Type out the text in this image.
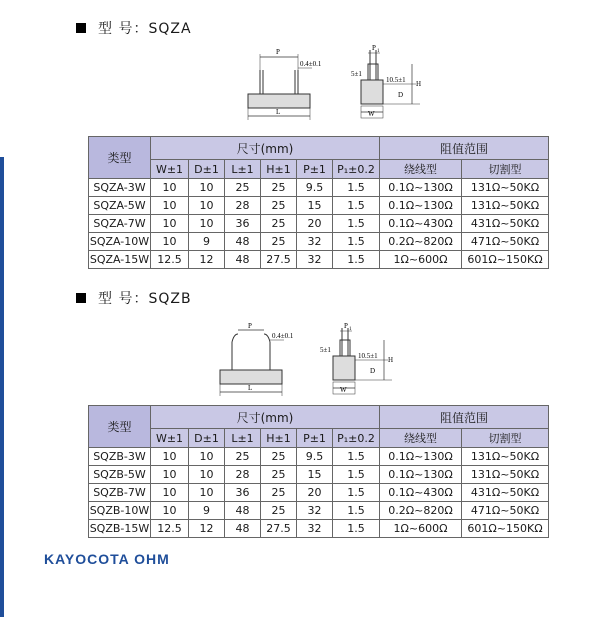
型 号：SQZA
P
0.4±0.1
L
P 1
5±1
10.5±1 H
D
W
类型	尺寸(mm)						阻值范围	
	W±1	D±1	L±1	H±1	P±1	P₁±0.2	绕线型	切割型
SQZA-3W	10	10	25	25	9.5	1.5	0.1Ω~130Ω	131Ω~50KΩ
SQZA-5W	10	10	28	25	15	1.5	0.1Ω~130Ω	131Ω~50KΩ
SQZA-7W	10	10	36	25	20	1.5	0.1Ω~430Ω	431Ω~50KΩ
SQZA-10W	10	9	48	25	32	1.5	0.2Ω~820Ω	471Ω~50KΩ
SQZA-15W	12.5	12	48	27.5	32	1.5	1Ω~600Ω	601Ω~150KΩ
型 号：SQZB
P
0.4±0.1
L
P 1
5±1
10.5±1 H
D
W
类型	尺寸(mm)						阻值范围	
	W±1	D±1	L±1	H±1	P±1	P₁±0.2	绕线型	切割型
SQZB-3W	10	10	25	25	9.5	1.5	0.1Ω~130Ω	131Ω~50KΩ
SQZB-5W	10	10	28	25	15	1.5	0.1Ω~130Ω	131Ω~50KΩ
SQZB-7W	10	10	36	25	20	1.5	0.1Ω~430Ω	431Ω~50KΩ
SQZB-10W	10	9	48	25	32	1.5	0.2Ω~820Ω	471Ω~50KΩ
SQZB-15W	12.5	12	48	27.5	32	1.5	1Ω~600Ω	601Ω~150KΩ
KAYOCOTA OHM
